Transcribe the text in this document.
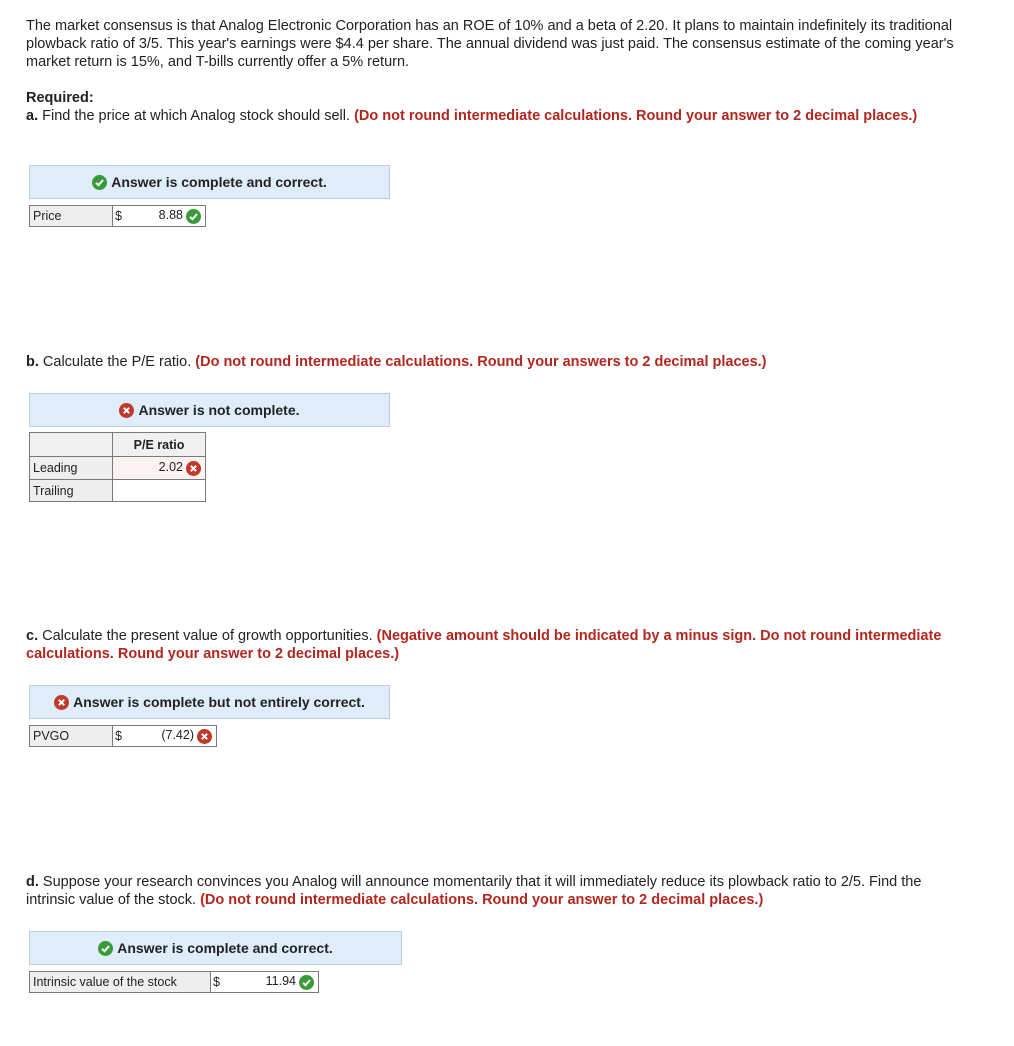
The market consensus is that Analog Electronic Corporation has an ROE of 10% and a beta of 2.20. It plans to maintain indefinitely its traditional plowback ratio of 3/5. This year's earnings were $4.4 per share. The annual dividend was just paid. The consensus estimate of the coming year's market return is 15%, and T-bills currently offer a 5% return.

Required:

a. Find the price at which Analog stock should sell. (Do not round intermediate calculations. Round your answer to 2 decimal places.)

Answer is complete and correct.
Price	$	8.88

b. Calculate the P/E ratio. (Do not round intermediate calculations. Round your answers to 2 decimal places.)

Answer is not complete.
	P/E ratio
Leading	2.02

Trailing	

c. Calculate the present value of growth opportunities. (Negative amount should be indicated by a minus sign. Do not round intermediate calculations. Round your answer to 2 decimal places.)

Answer is complete but not entirely correct.
PVGO	$	(7.42)

d. Suppose your research convinces you Analog will announce momentarily that it will immediately reduce its plowback ratio to 2/5. Find the intrinsic value of the stock. (Do not round intermediate calculations. Round your answer to 2 decimal places.)

Answer is complete and correct.
Intrinsic value of the stock	$	11.94
